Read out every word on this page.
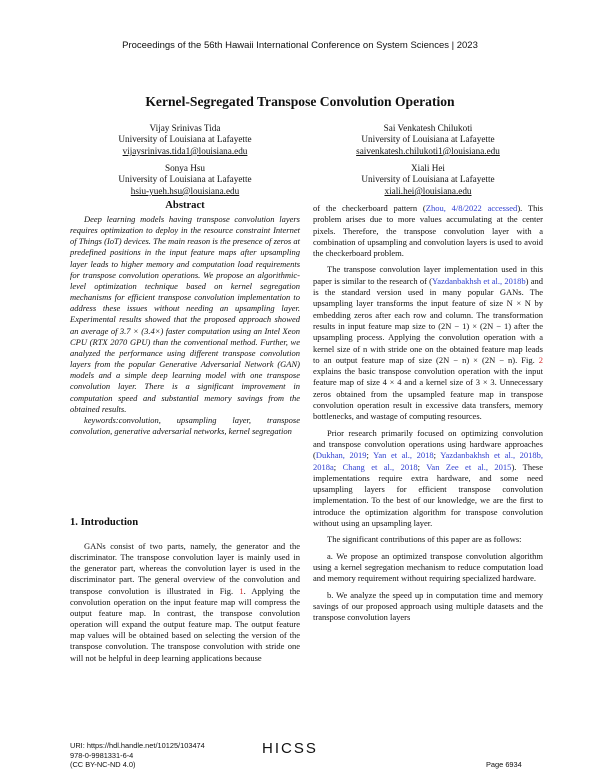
Proceedings of the 56th Hawaii International Conference on System Sciences | 2023
Kernel-Segregated Transpose Convolution Operation
Vijay Srinivas Tida
University of Louisiana at Lafayette
vijaysrinivas.tida1@louisiana.edu
Sai Venkatesh Chilukoti
University of Louisiana at Lafayette
saivenkatesh.chilukoti1@louisiana.edu
Sonya Hsu
University of Louisiana at Lafayette
hsiu-yueh.hsu@louisiana.edu
Xiali Hei
University of Louisiana at Lafayette
xiali.hei@louisiana.edu
Abstract

Deep learning models having transpose convolution layers requires optimization to deploy in the resource constraint Internet of Things (IoT) devices. The main reason is the presence of zeros at predefined positions in the input feature maps after upsampling layer leads to higher memory and computation load requirements for transpose convolution operations. We propose an algorithmic-level optimization technique based on kernel segregation mechanisms for efficient transpose convolution implementation to address these issues without needing an upsampling layer. Experimental results showed that the proposed approach showed an average of 3.7 × (3.4×) faster computation using an Intel Xeon CPU (RTX 2070 GPU) than the conventional method. Further, we analyzed the performance using different transpose convolution layers from the popular Generative Adversarial Network (GAN) models and a simple deep learning model with one transpose convolution layer. There is a significant improvement in computation speed and substantial memory savings from the obtained results.

keywords:convolution, upsampling layer, transpose convolution, generative adversarial networks, kernel segregation

1. Introduction

GANs consist of two parts, namely, the generator and the discriminator. The transpose convolution layer is mainly used in the generator part, whereas the convolution layer is used in the discriminator part. The general overview of the convolution and transpose convolution is illustrated in Fig. 1. Applying the convolution operation on the input feature map will compress the output feature map. In contrast, the transpose convolution operation will expand the output feature map. The output feature map values will be obtained based on selecting the version of the transpose convolution. The transpose convolution with stride one will not be helpful in deep learning applications because

of the checkerboard pattern (Zhou, 4/8/2022 accessed). This problem arises due to more values accumulating at the center pixels. Therefore, the transpose convolution layer with a combination of upsampling and convolution layers is used to avoid the checkerboard problem.

The transpose convolution layer implementation used in this paper is similar to the research of (Yazdanbakhsh et al., 2018b) and is the standard version used in many popular GANs. The upsampling layer transforms the input feature of size N × N by embedding zeros after each row and column. The transformation results in input feature map size to (2N − 1) × (2N − 1) after the upsampling process. Applying the convolution operation with a kernel size of n with stride one on the obtained feature map leads to an output feature map of size (2N − n) × (2N − n). Fig. 2 explains the basic transpose convolution operation with the input feature map of size 4 × 4 and a kernel size of 3 × 3. Unnecessary zeros obtained from the upsampled feature map in transpose convolution operation result in excessive data transfers, memory bottlenecks, and wastage of computing resources.

Prior research primarily focused on optimizing convolution and transpose convolution operations using hardware approaches (Dukhan, 2019; Yan et al., 2018; Yazdanbakhsh et al., 2018b, 2018a; Chang et al., 2018; Van Zee et al., 2015). These implementations require extra hardware, and some need upsampling layers for efficient transpose convolution implementation. To the best of our knowledge, we are the first to introduce the optimization algorithm for transpose convolution without using an upsampling layer.

The significant contributions of this paper are as follows:

a. We propose an optimized transpose convolution algorithm using a kernel segregation mechanism to reduce computation load and memory requirement without requiring specialized hardware.

b. We analyze the speed up in computation time and memory savings of our proposed approach using multiple datasets and the transpose convolution layers

URI: https://hdl.handle.net/10125/103474
978-0-9981331-6-4
(CC BY-NC-ND 4.0)
HICSS
Page 6934
